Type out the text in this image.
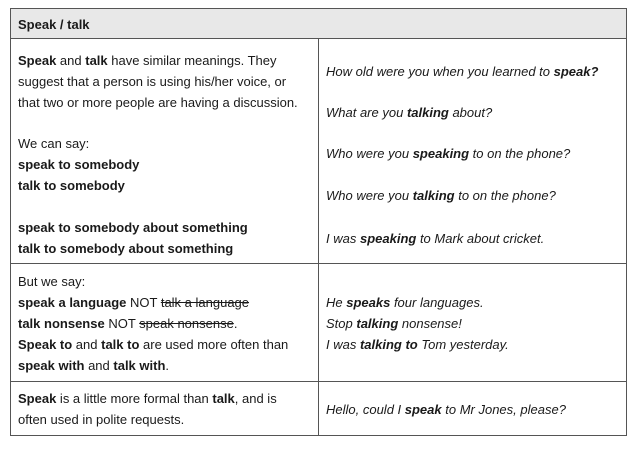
Speak / talk
Speak and talk have similar meanings. They
suggest that a person is using his/her voice, or
that two or more people are having a discussion.
We can say:
speak to somebody
talk to somebody
speak to somebody about something
talk to somebody about something
How old were you when you learned to speak?
What are you talking about?
Who were you speaking to on the phone?
Who were you talking to on the phone?
I was speaking to Mark about cricket.
But we say:
speak a language NOT talk a language
talk nonsense NOT speak nonsense.
Speak to and talk to are used more often than
speak with and talk with.
He speaks four languages.
Stop talking nonsense!
I was talking to Tom yesterday.
Speak is a little more formal than talk, and is
often used in polite requests.
Hello, could I speak to Mr Jones, please?
